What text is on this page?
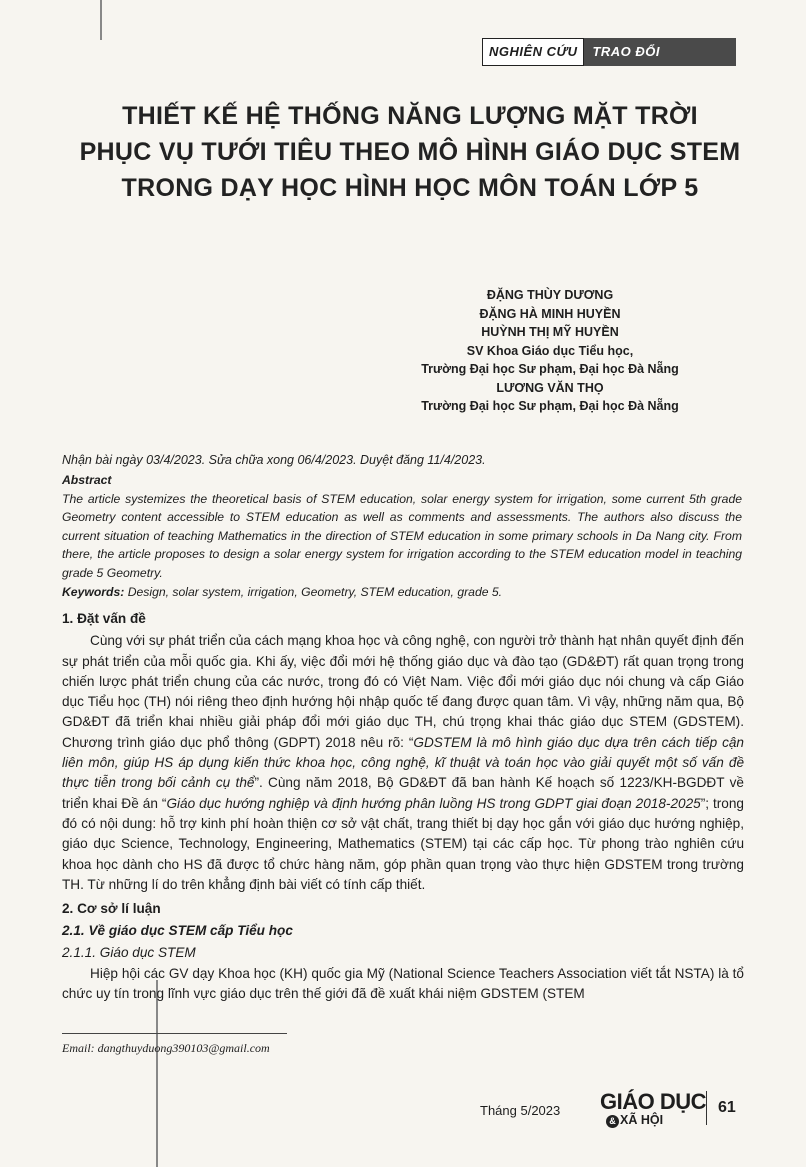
NGHIÊN CỨU	TRAO ĐỔI
THIẾT KẾ HỆ THỐNG NĂNG LƯỢNG MẶT TRỜI
PHỤC VỤ TƯỚI TIÊU THEO MÔ HÌNH GIÁO DỤC STEM
TRONG DẠY HỌC HÌNH HỌC MÔN TOÁN LỚP 5
ĐẶNG THÙY DƯƠNG
ĐẶNG HÀ MINH HUYỀN
HUỲNH THỊ MỸ HUYỀN
SV Khoa Giáo dục Tiểu học,
Trường Đại học Sư phạm, Đại học Đà Nẵng
LƯƠNG VĂN THỌ
Trường Đại học Sư phạm, Đại học Đà Nẵng
Nhận bài ngày 03/4/2023. Sửa chữa xong 06/4/2023. Duyệt đăng 11/4/2023.
Abstract
The article systemizes the theoretical basis of STEM education, solar energy system for irrigation, some current 5th grade Geometry content accessible to STEM education as well as comments and assessments. The authors also discuss the current situation of teaching Mathematics in the direction of STEM education in some primary schools in Da Nang city. From there, the article proposes to design a solar energy system for irrigation according to the STEM education model in teaching grade 5 Geometry.
Keywords: Design, solar system, irrigation, Geometry, STEM education, grade 5.
1. Đặt vấn đề

Cùng với sự phát triển của cách mạng khoa học và công nghệ, con người trở thành hạt nhân quyết định đến sự phát triển của mỗi quốc gia. Khi ấy, việc đổi mới hệ thống giáo dục và đào tạo (GD&ĐT) rất quan trọng trong chiến lược phát triển chung của các nước, trong đó có Việt Nam. Việc đổi mới giáo dục nói chung và cấp Giáo dục Tiểu học (TH) nói riêng theo định hướng hội nhập quốc tế đang được quan tâm. Vì vậy, những năm qua, Bộ GD&ĐT đã triển khai nhiều giải pháp đổi mới giáo dục TH, chú trọng khai thác giáo dục STEM (GDSTEM). Chương trình giáo dục phổ thông (GDPT) 2018 nêu rõ: “GDSTEM là mô hình giáo dục dựa trên cách tiếp cận liên môn, giúp HS áp dụng kiến thức khoa học, công nghệ, kĩ thuật và toán học vào giải quyết một số vấn đề thực tiễn trong bối cảnh cụ thể”. Cùng năm 2018, Bộ GD&ĐT đã ban hành Kế hoạch số 1223/KH-BGDĐT về triển khai Đề án “Giáo dục hướng nghiệp và định hướng phân luồng HS trong GDPT giai đoạn 2018-2025”; trong đó có nội dung: hỗ trợ kinh phí hoàn thiện cơ sở vật chất, trang thiết bị dạy học gắn với giáo dục hướng nghiệp, giáo dục Science, Technology, Engineering, Mathematics (STEM) tại các cấp học. Từ phong trào nghiên cứu khoa học dành cho HS đã được tổ chức hàng năm, góp phần quan trọng vào thực hiện GDSTEM trong trường TH. Từ những lí do trên khẳng định bài viết có tính cấp thiết.

2. Cơ sở lí luận
2.1. Về giáo dục STEM cấp Tiểu học
2.1.1. Giáo dục STEM

Hiệp hội các GV dạy Khoa học (KH) quốc gia Mỹ (National Science Teachers Association viết tắt NSTA) là tổ chức uy tín trong lĩnh vực giáo dục trên thế giới đã đề xuất khái niệm GDSTEM (STEM

Email: dangthuyduong390103@gmail.com
Tháng 5/2023 GIÁO DỤC
& XÃ HỘI
61
